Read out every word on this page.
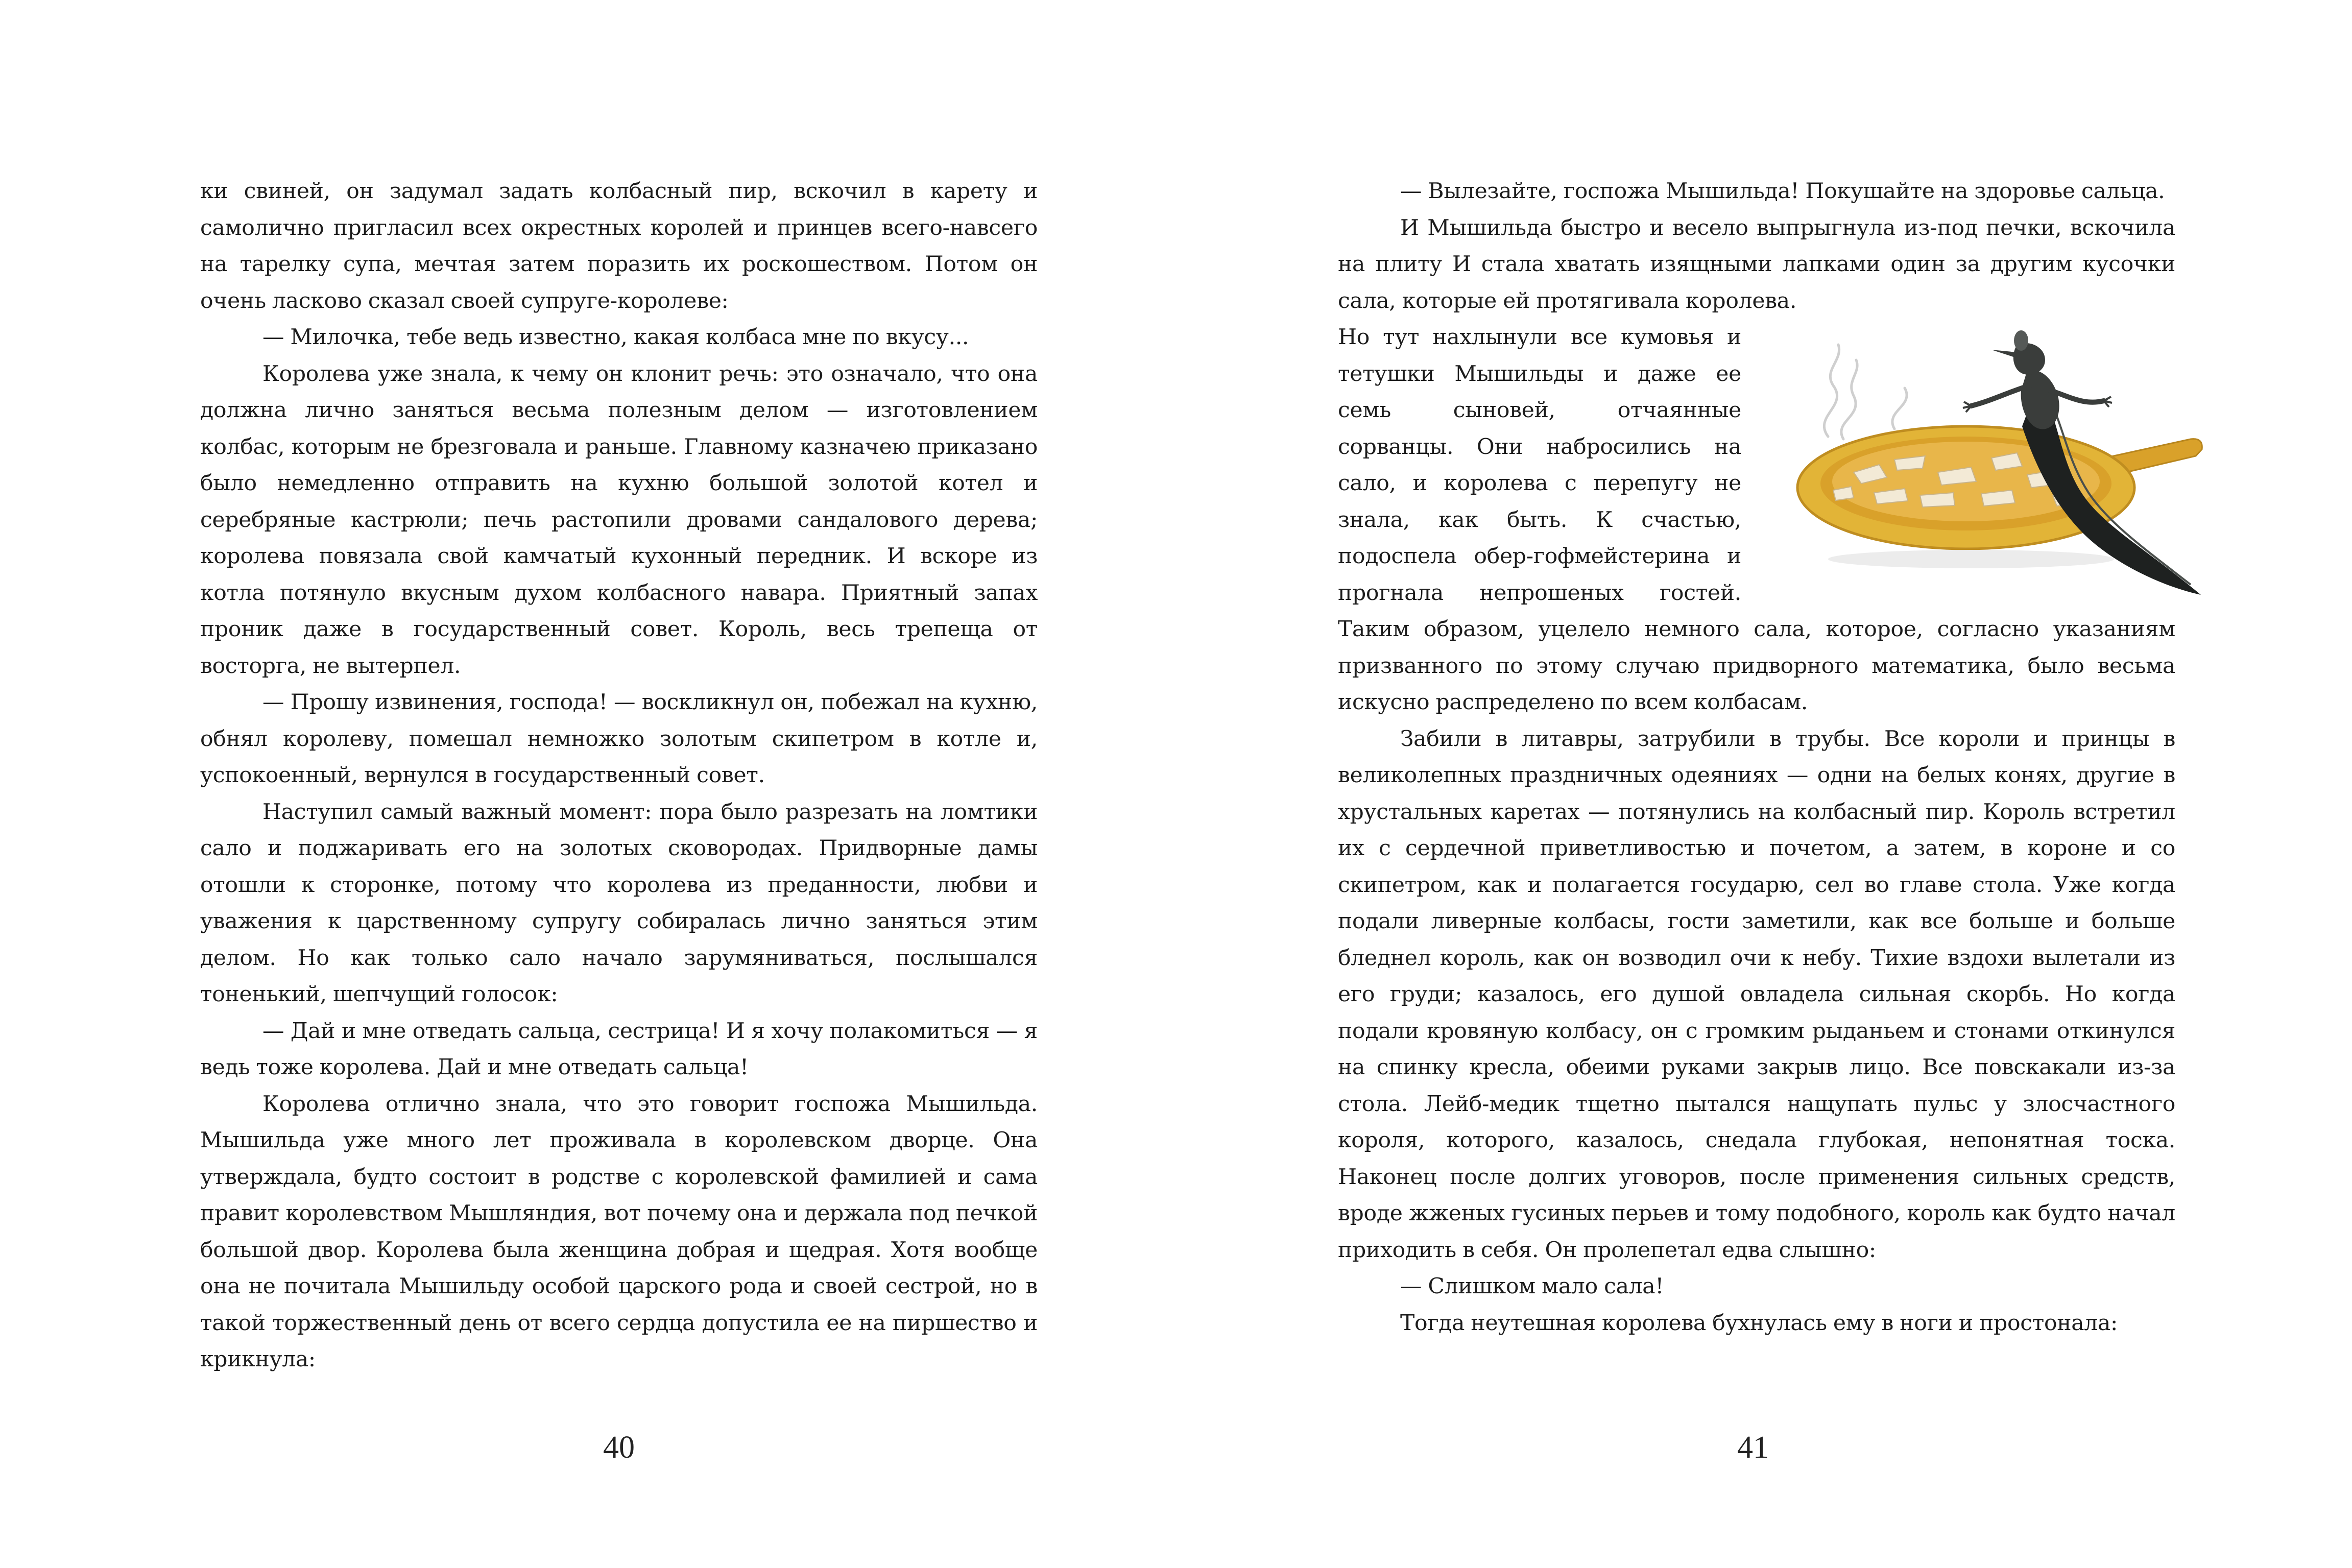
ки свиней, он задумал задать колбасный пир, вскочил в карету и самолично пригласил всех окрестных королей и принцев всего-навсего на тарелку супа, мечтая затем поразить их роскошеством. Потом он очень ласково сказал своей супруге-королеве:

— Милочка, тебе ведь известно, какая колбаса мне по вкусу...

Королева уже знала, к чему он клонит речь: это означало, что она должна лично заняться весьма полезным делом — изготовлением колбас, которым не брезговала и раньше. Главному казначею приказано было немедленно отправить на кухню большой золотой котел и серебряные кастрюли; печь растопили дровами сандалового дерева; королева повязала свой камчатый кухонный передник. И вскоре из котла потянуло вкусным духом колбасного навара. Приятный запах проник даже в государственный совет. Король, весь трепеща от восторга, не вытерпел.

— Прошу извинения, господа! — воскликнул он, побежал на кухню, обнял королеву, помешал немножко золотым скипетром в котле и, успокоенный, вернулся в государственный совет.

Наступил самый важный момент: пора было разрезать на ломтики сало и поджаривать его на золотых сковородах. Придворные дамы отошли к сторонке, потому что королева из преданности, любви и уважения к царственному супругу собиралась лично заняться этим делом. Но как только сало начало зарумяниваться, послышался тоненький, шепчущий голосок:

— Дай и мне отведать сальца, сестрица! И я хочу полакомиться — я ведь тоже королева. Дай и мне отведать сальца!

Королева отлично знала, что это говорит госпожа Мышильда. Мышильда уже много лет проживала в королевском дворце. Она утверждала, будто состоит в родстве с королевской фамилией и сама правит королевством Мышляндия, вот почему она и держала под печкой большой двор. Королева была женщина добрая и щедрая. Хотя вообще она не почитала Мышильду особой царского рода и своей сестрой, но в такой торжественный день от всего сердца допустила ее на пиршество и крикнула:

40

— Вылезайте, госпожа Мышильда! Покушайте на здоровье сальца.

И Мышильда быстро и весело выпрыгнула из-под печки, вскочила на плиту И стала хватать изящными лапками один за другим кусочки сала, которые ей протягивала королева.

Но тут нахлынули все кумовья и тетушки Мышильды и даже ее семь сыновей, отчаянные сорванцы. Они набросились на сало, и королева с перепугу не знала, как быть. К счастью, подоспела обер-гофмейстерина и прогнала непрошеных гостей. Таким образом, уцелело немного сала, которое, согласно указаниям призванного по этому случаю придворного математика, было весьма искусно распределено по всем колбасам.

Забили в литавры, затрубили в трубы. Все короли и принцы в великолепных праздничных одеяниях — одни на белых конях, другие в хрустальных каретах — потянулись на колбасный пир. Король встретил их с сердечной приветливостью и почетом, а затем, в короне и со скипетром, как и полагается государю, сел во главе стола. Уже когда подали ливерные колбасы, гости заметили, как все больше и больше бледнел король, как он возводил очи к небу. Тихие вздохи вылетали из его груди; казалось, его душой овладела сильная скорбь. Но когда подали кровяную колбасу, он с громким рыданьем и стонами откинулся на спинку кресла, обеими руками закрыв лицо. Все повскакали из-за стола. Лейб-медик тщетно пытался нащупать пульс у злосчастного короля, которого, казалось, снедала глубокая, непонятная тоска. Наконец после долгих уговоров, после применения сильных средств, вроде жженых гусиных перьев и тому подобного, король как будто начал приходить в себя. Он пролепетал едва слышно:

— Слишком мало сала!

Тогда неутешная королева бухнулась ему в ноги и простонала:

41
